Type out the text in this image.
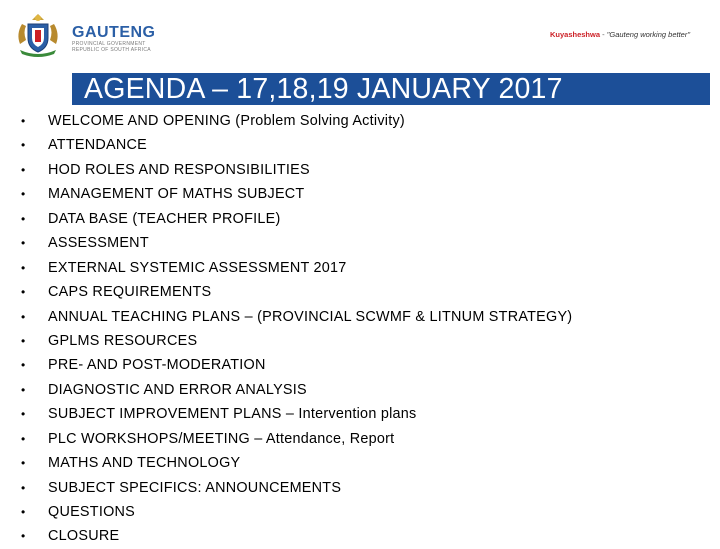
GAUTENG
PROVINCIAL GOVERNMENT
REPUBLIC OF SOUTH AFRICA
Kuyasheshwa - "Gauteng working better"
AGENDA – 17,18,19 JANUARY 2017
• WELCOME AND OPENING (Problem Solving Activity)
• ATTENDANCE
• HOD ROLES AND RESPONSIBILITIES
• MANAGEMENT OF MATHS SUBJECT
• DATA BASE (TEACHER PROFILE)
• ASSESSMENT
• EXTERNAL SYSTEMIC ASSESSMENT 2017
• CAPS REQUIREMENTS
• ANNUAL TEACHING PLANS – (PROVINCIAL SCWMF & LITNUM STRATEGY)
• GPLMS RESOURCES
• PRE- AND POST-MODERATION
• DIAGNOSTIC AND ERROR ANALYSIS
• SUBJECT IMPROVEMENT PLANS – Intervention plans
• PLC WORKSHOPS/MEETING – Attendance, Report
• MATHS AND TECHNOLOGY
• SUBJECT SPECIFICS: ANNOUNCEMENTS
• QUESTIONS
• CLOSURE
